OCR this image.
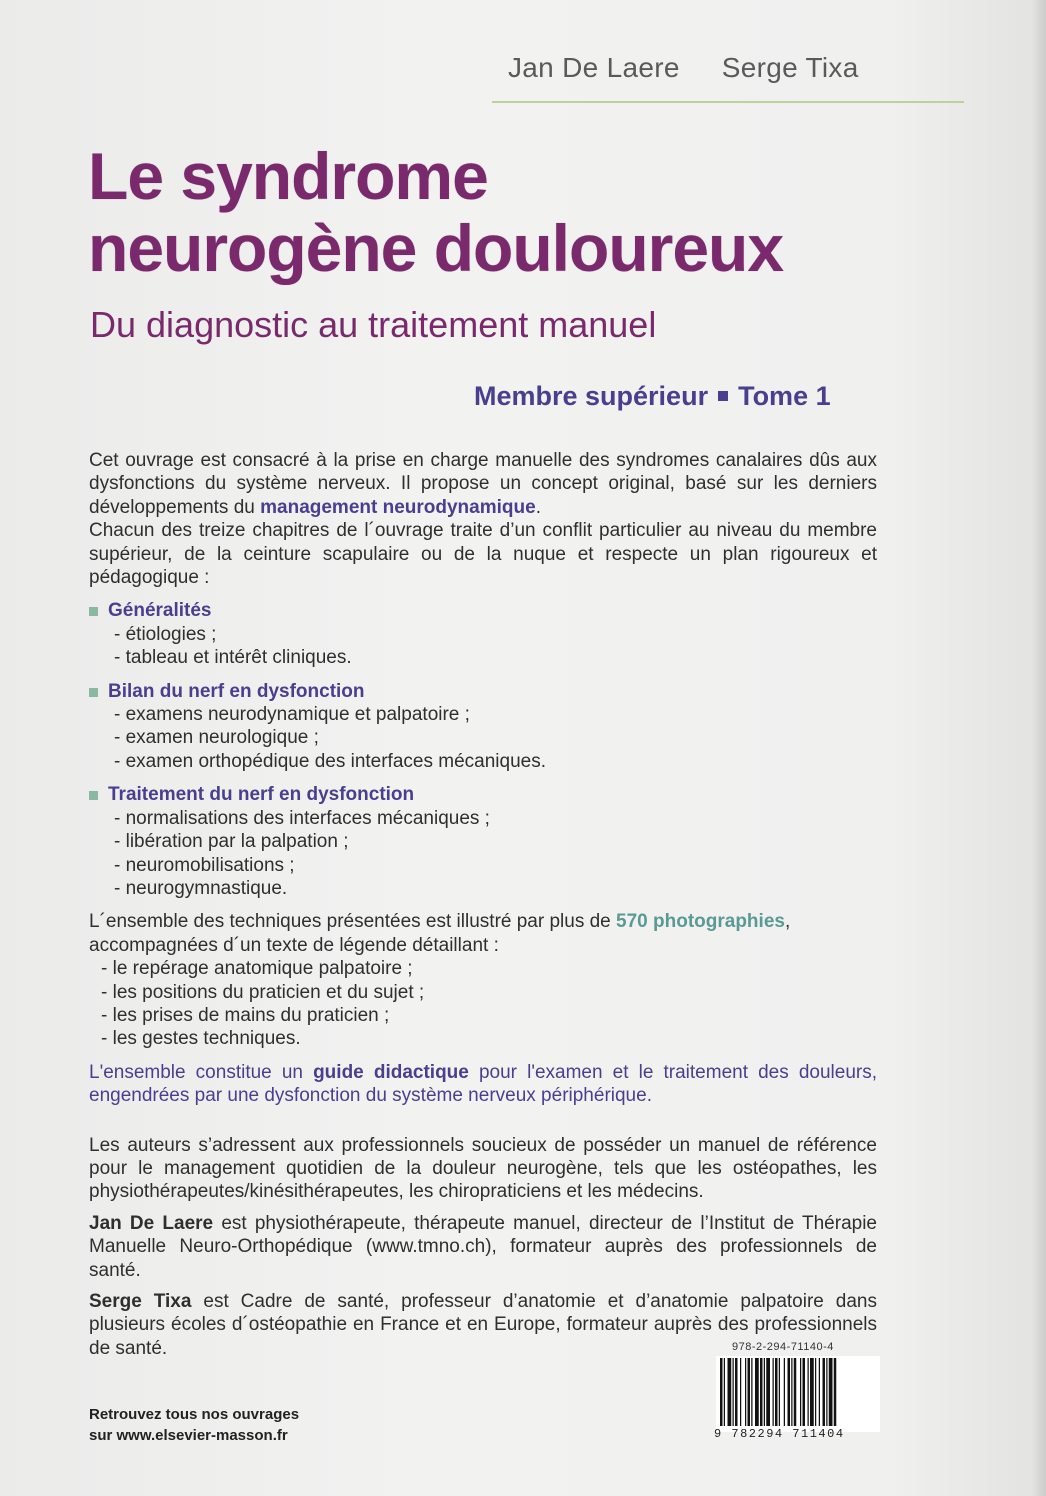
Jan De Laere Serge Tixa
Le syndrome
neurogène douloureux
Du diagnostic au traitement manuel
Membre supérieur Tome 1

Cet ouvrage est consacré à la prise en charge manuelle des syndromes canalaires dûs aux dysfonctions du système nerveux. Il propose un concept original, basé sur les derniers développements du management neurodynamique.

Chacun des treize chapitres de l´ouvrage traite d’un conflit particulier au niveau du membre supérieur, de la ceinture scapulaire ou de la nuque et respecte un plan rigoureux et pédagogique :

Généralités

- étiologies ;

- tableau et intérêt cliniques.

Bilan du nerf en dysfonction

- examens neurodynamique et palpatoire ;

- examen neurologique ;

- examen orthopédique des interfaces mécaniques.

Traitement du nerf en dysfonction

- normalisations des interfaces mécaniques ;

- libération par la palpation ;

- neuromobilisations ;

- neurogymnastique.

L´ensemble des techniques présentées est illustré par plus de 570 photographies,

accompagnées d´un texte de légende détaillant :

- le repérage anatomique palpatoire ;

- les positions du praticien et du sujet ;

- les prises de mains du praticien ;

- les gestes techniques.

L'ensemble constitue un guide didactique pour l'examen et le traitement des douleurs, engendrées par une dysfonction du système nerveux périphérique.

Les auteurs s’adressent aux professionnels soucieux de posséder un manuel de référence pour le management quotidien de la douleur neurogène, tels que les ostéopathes, les physiothérapeutes/kinésithérapeutes, les chiropraticiens et les médecins.

Jan De Laere est physiothérapeute, thérapeute manuel, directeur de l’Institut de Thérapie Manuelle Neuro-Orthopédique (www.tmno.ch), formateur auprès des professionnels de santé.

Serge Tixa est Cadre de santé, professeur d’anatomie et d’anatomie palpatoire dans plusieurs écoles d´ostéopathie en France et en Europe, formateur auprès des professionnels de santé.	978-2-294-71140-4
9 782294 711404
Retrouvez tous nos ouvrages
sur www.elsevier-masson.fr
